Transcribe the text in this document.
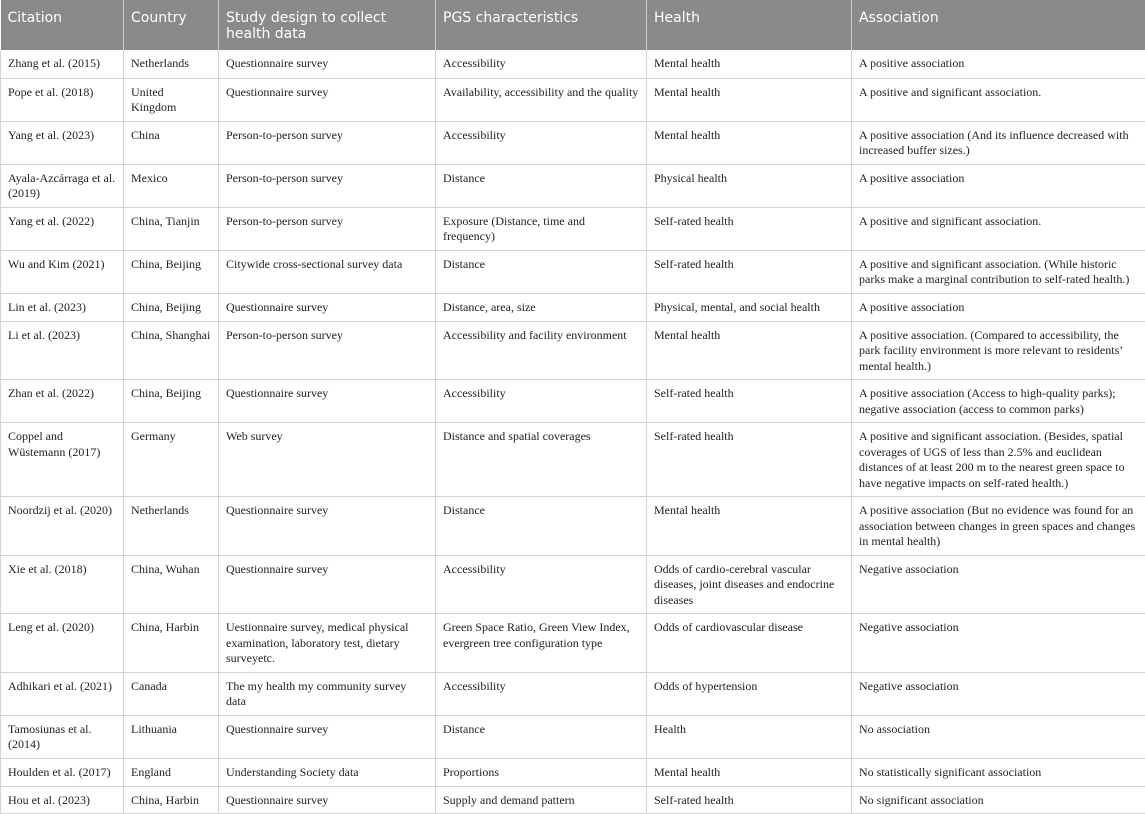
Citation	Country	Study design to collect health data	PGS characteristics	Health	Association
Zhang et al. (2015)	Netherlands	Questionnaire survey	Accessibility	Mental health	A positive association
Pope et al. (2018)	United Kingdom	Questionnaire survey	Availability, accessibility and the quality	Mental health	A positive and significant association.
Yang et al. (2023)	China	Person-to-person survey	Accessibility	Mental health	A positive association (And its influence decreased with increased buffer sizes.)
Ayala-Azcárraga et al. (2019)	Mexico	Person-to-person survey	Distance	Physical health	A positive association
Yang et al. (2022)	China, Tianjin	Person-to-person survey	Exposure (Distance, time and frequency)	Self-rated health	A positive and significant association.
Wu and Kim (2021)	China, Beijing	Citywide cross-sectional survey data	Distance	Self-rated health	A positive and significant association. (While historic parks make a marginal contribution to self-rated health.)
Lin et al. (2023)	China, Beijing	Questionnaire survey	Distance, area, size	Physical, mental, and social health	A positive association
Li et al. (2023)	China, Shanghai	Person-to-person survey	Accessibility and facility environment	Mental health	A positive association. (Compared to accessibility, the park facility environment is more relevant to residents’ mental health.)
Zhan et al. (2022)	China, Beijing	Questionnaire survey	Accessibility	Self-rated health	A positive association (Access to high-quality parks); negative association (access to common parks)
Coppel and Wüstemann (2017)	Germany	Web survey	Distance and spatial coverages	Self-rated health	A positive and significant association. (Besides, spatial coverages of UGS of less than 2.5% and euclidean distances of at least 200 m to the nearest green space to have negative impacts on self-rated health.)
Noordzij et al. (2020)	Netherlands	Questionnaire survey	Distance	Mental health	A positive association (But no evidence was found for an association between changes in green spaces and changes in mental health)
Xie et al. (2018)	China, Wuhan	Questionnaire survey	Accessibility	Odds of cardio-cerebral vascular diseases, joint diseases and endocrine diseases	Negative association
Leng et al. (2020)	China, Harbin	Uestionnaire survey, medical physical examination, laboratory test, dietary surveyetc.	Green Space Ratio, Green View Index, evergreen tree configuration type	Odds of cardiovascular disease	Negative association
Adhikari et al. (2021)	Canada	The my health my community survey data	Accessibility	Odds of hypertension	Negative association
Tamosiunas et al. (2014)	Lithuania	Questionnaire survey	Distance	Health	No association
Houlden et al. (2017)	England	Understanding Society data	Proportions	Mental health	No statistically significant association
Hou et al. (2023)	China, Harbin	Questionnaire survey	Supply and demand pattern	Self-rated health	No significant association
